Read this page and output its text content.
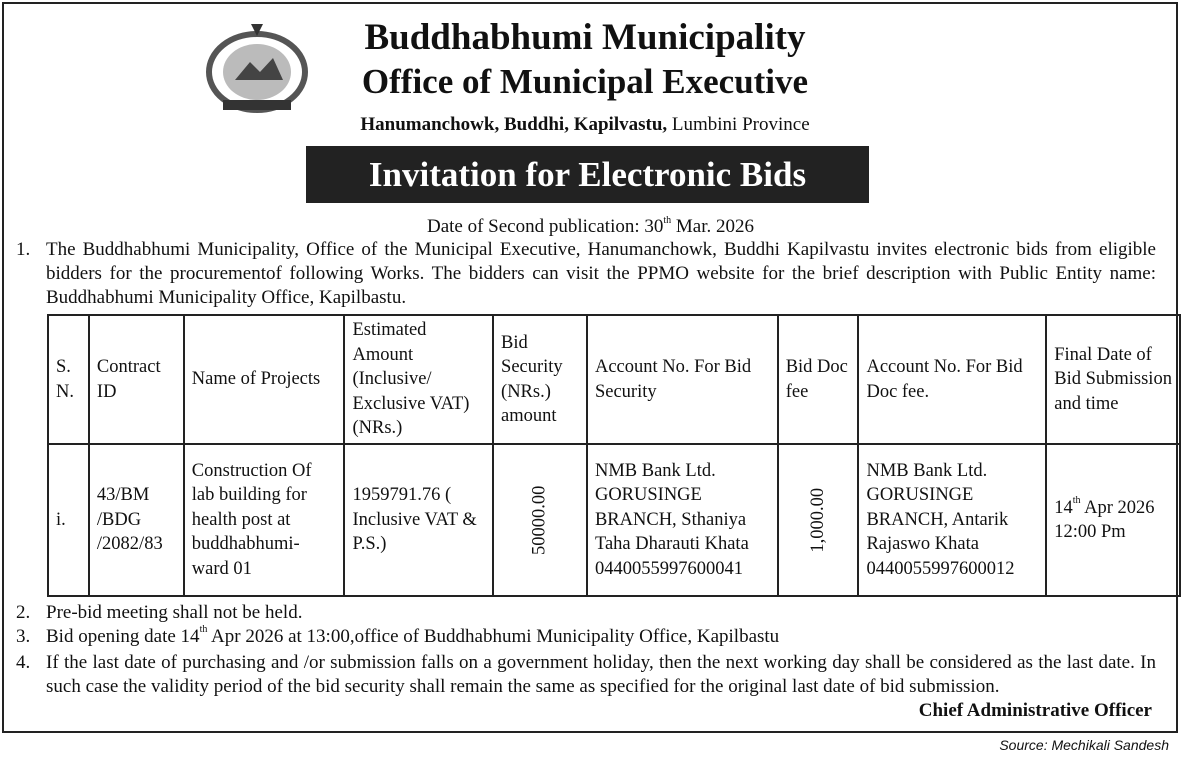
Buddhabhumi Municipality
Office of Municipal Executive
Hanumanchowk, Buddhi, Kapilvastu, Lumbini Province
Invitation for Electronic Bids
Date of Second publication: 30th Mar. 2026
1. The Buddhabhumi Municipality, Office of the Municipal Executive, Hanumanchowk, Buddhi Kapilvastu invites electronic bids from eligible bidders for the procurementof following Works. The bidders can visit the PPMO website for the brief description with Public Entity name: Buddhabhumi Municipality Office, Kapilbastu.
S. N.	Contract ID	Name of Projects	Estimated Amount (Inclusive/ Exclusive VAT) (NRs.)	Bid Security (NRs.) amount	Account No. For Bid Security	Bid Doc fee	Account No. For Bid Doc fee.	Final Date of Bid Submission and time
i.	43/BM /BDG /2082/83	Construction Of lab building for health post at buddhabhumi-ward 01	1959791.76 ( Inclusive VAT & P.S.)	50000.00	NMB Bank Ltd. GORUSINGE BRANCH, Sthaniya Taha Dharauti Khata 0440055997600041	1,000.00	NMB Bank Ltd. GORUSINGE BRANCH, Antarik Rajaswo Khata 0440055997600012	14th Apr 2026 12:00 Pm
2. Pre-bid meeting shall not be held.
3. Bid opening date 14th Apr 2026 at 13:00,office of Buddhabhumi Municipality Office, Kapilbastu
4. If the last date of purchasing and /or submission falls on a government holiday, then the next working day shall be considered as the last date. In such case the validity period of the bid security shall remain the same as specified for the original last date of bid submission.
Chief Administrative Officer
Source: Mechikali Sandesh
